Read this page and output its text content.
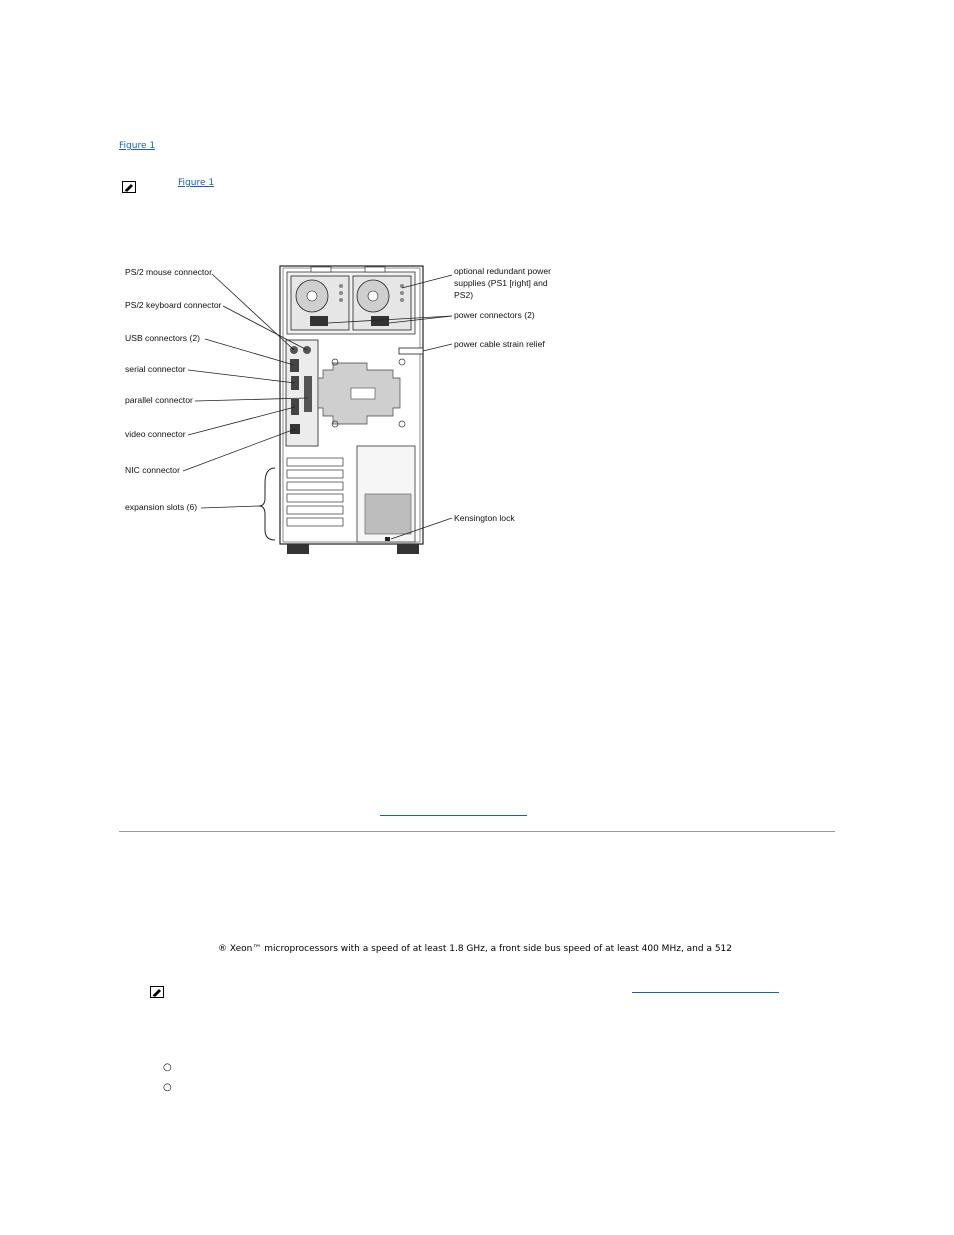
Figure 1
Figure 1
PS/2 mouse connector
PS/2 keyboard connector
USB connectors (2)
serial connector
parallel connector
video connector
NIC connector
expansion slots (6)
optional redundant power
supplies (PS1 [right] and
PS2)
power connectors (2)
power cable strain relief
Kensington lock
® Xeon™ microprocessors with a speed of at least 1.8 GHz, a front side bus speed of at least 400 MHz, and a 512
○
○
